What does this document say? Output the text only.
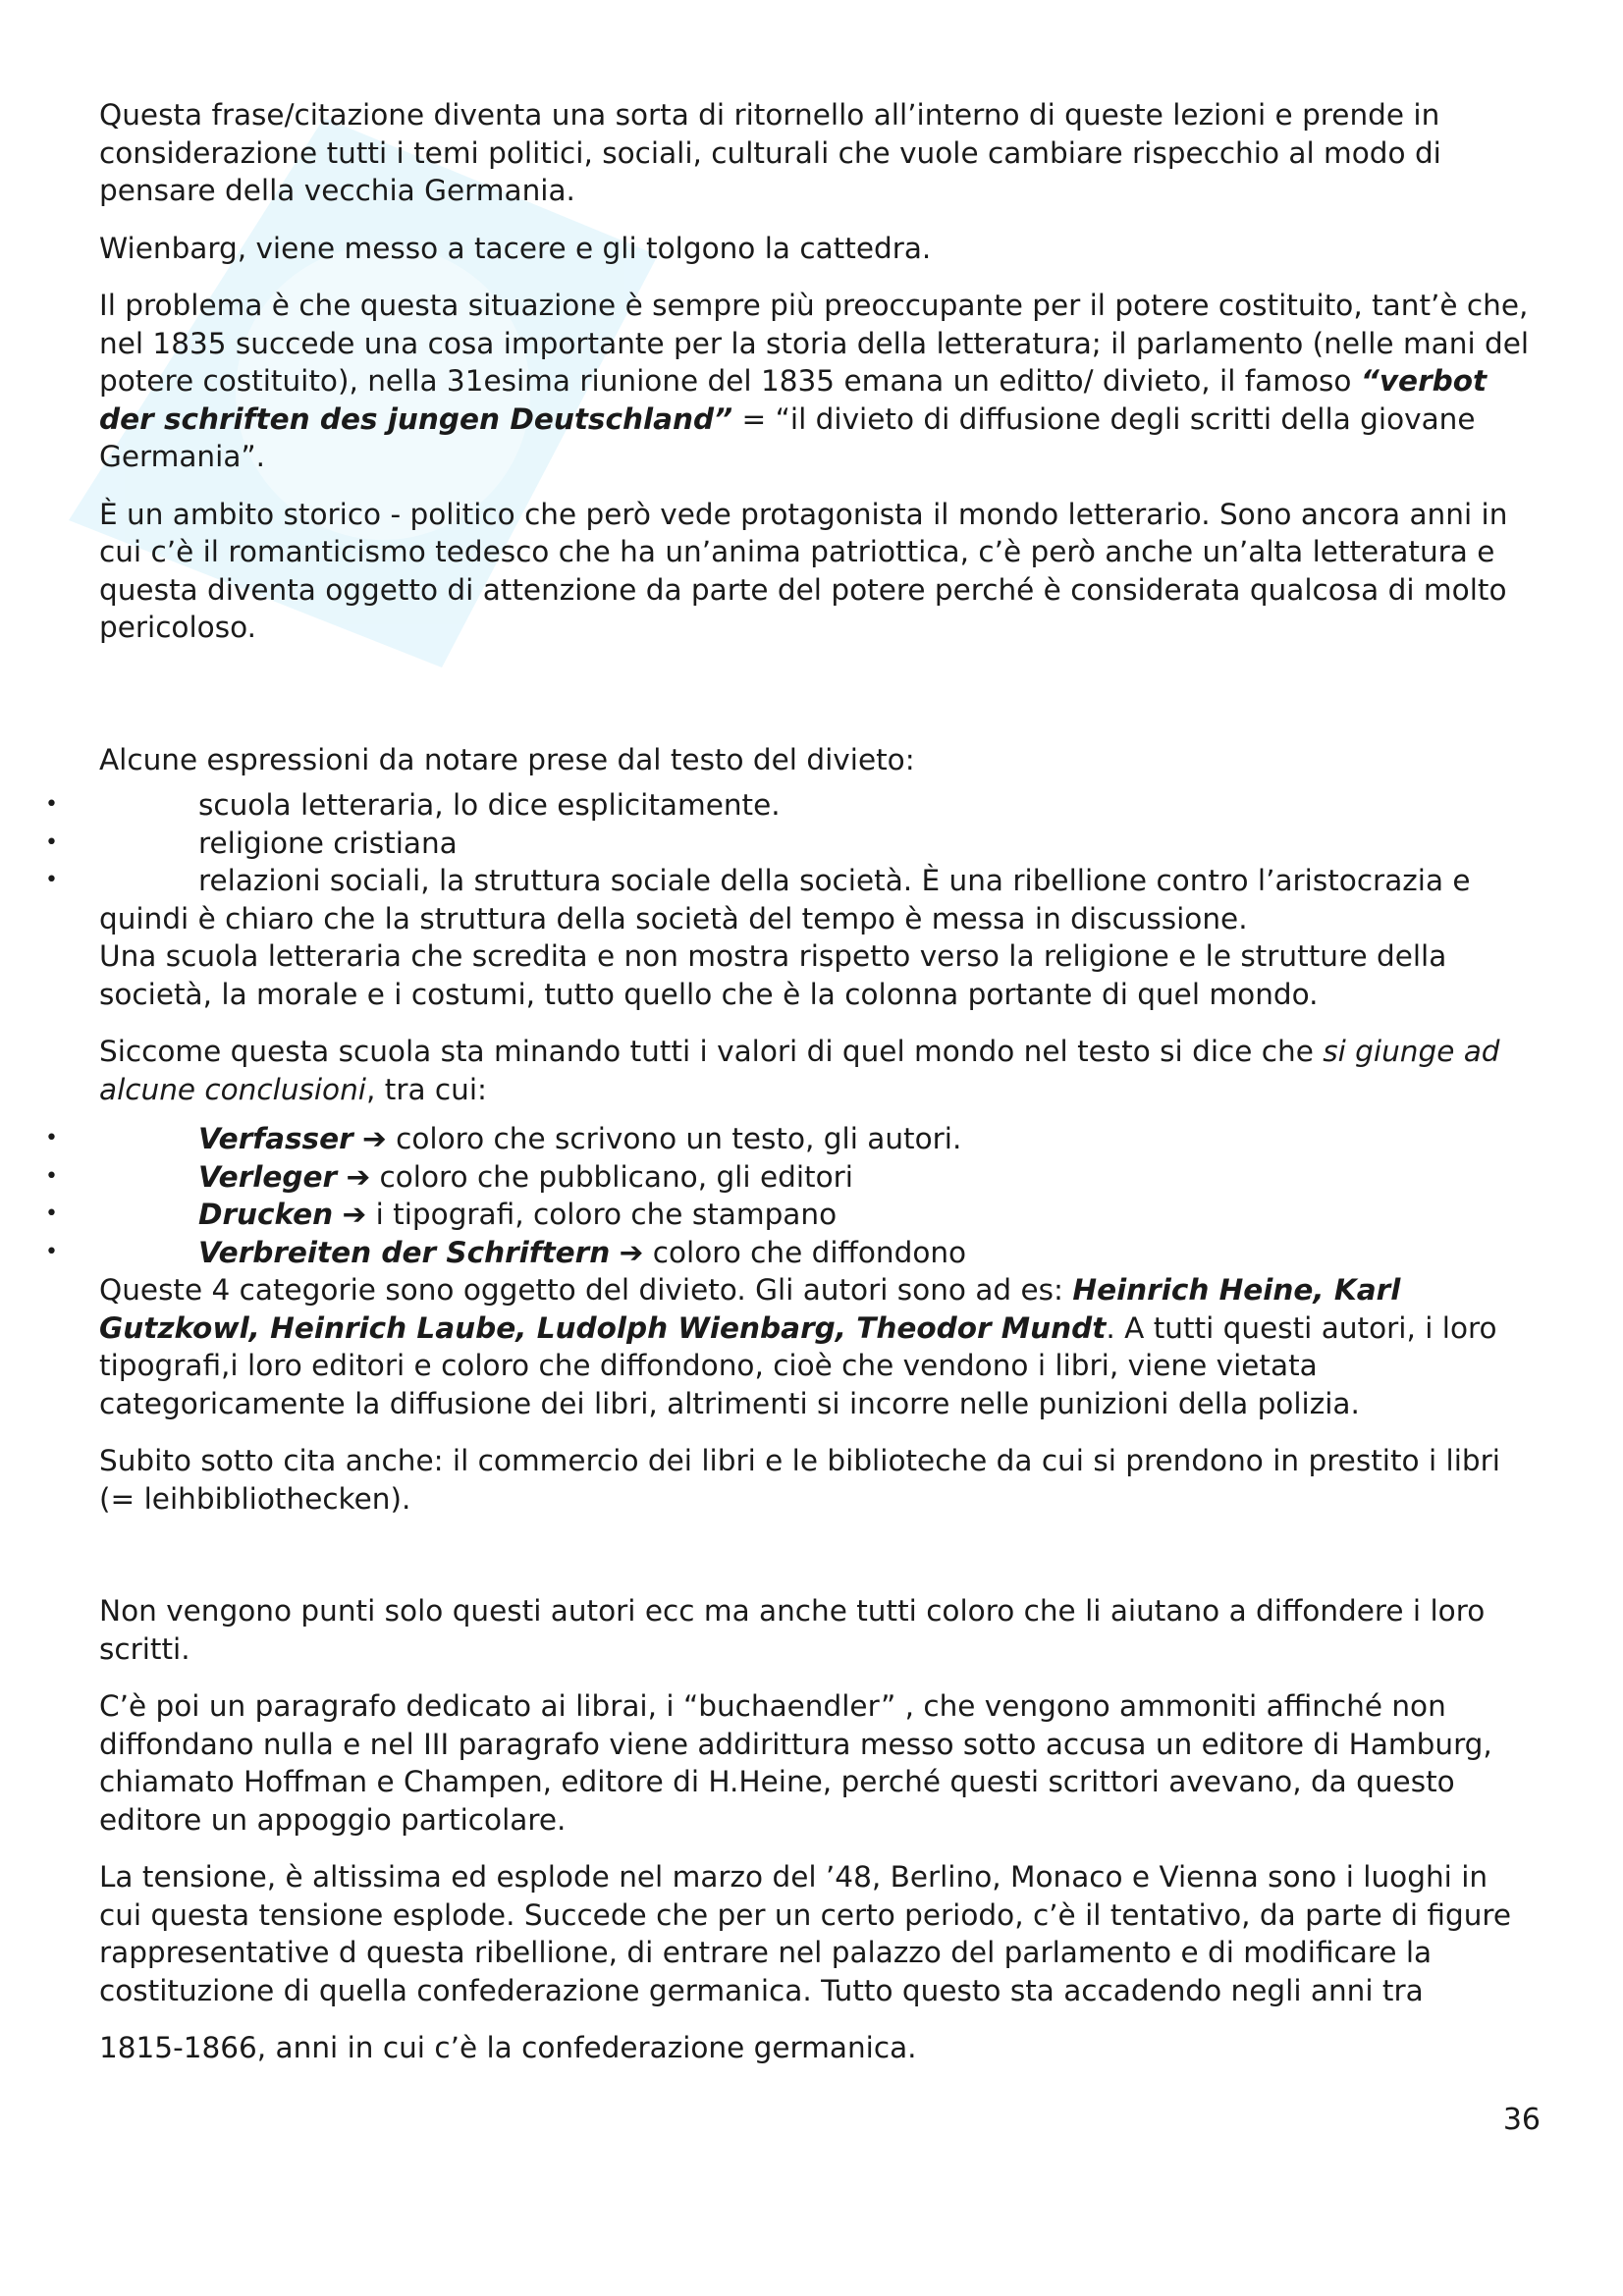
Questa frase/citazione diventa una sorta di ritornello all’interno di queste lezioni e prende in considerazione tutti i temi politici, sociali, culturali che vuole cambiare rispecchio al modo di pensare della vecchia Germania.

Wienbarg, viene messo a tacere e gli tolgono la cattedra.

Il problema è che questa situazione è sempre più preoccupante per il potere costituito, tant’è che, nel 1835 succede una cosa importante per la storia della letteratura; il parlamento (nelle mani del potere costituito), nella 31esima riunione del 1835 emana un editto/ divieto, il famoso “verbot der schriften des jungen Deutschland” = “il divieto di diffusione degli scritti della giovane Germania”.

È un ambito storico - politico che però vede protagonista il mondo letterario. Sono ancora anni in cui c’è il romanticismo tedesco che ha un’anima patriottica, c’è però anche un’alta letteratura e questa diventa oggetto di attenzione da parte del potere perché è considerata qualcosa di molto pericoloso.

Alcune espressioni da notare prese dal testo del divieto:

•	scuola letteraria, lo dice esplicitamente.
•	religione cristiana
•	relazioni sociali, la struttura sociale della società. È una ribellione contro l’aristocrazia e
quindi è chiaro che la struttura della società del tempo è messa in discussione.

Una scuola letteraria che scredita e non mostra rispetto verso la religione e le strutture della società, la morale e i costumi, tutto quello che è la colonna portante di quel mondo.

Siccome questa scuola sta minando tutti i valori di quel mondo nel testo si dice che si giunge ad alcune conclusioni, tra cui:

•	Verfasser ➔ coloro che scrivono un testo, gli autori.
•	Verleger ➔ coloro che pubblicano, gli editori
•	Drucken ➔ i tipografi, coloro che stampano
•	Verbreiten der Schriftern ➔ coloro che diffondono

Queste 4 categorie sono oggetto del divieto. Gli autori sono ad es: Heinrich Heine, Karl Gutzkowl, Heinrich Laube, Ludolph Wienbarg, Theodor Mundt. A tutti questi autori, i loro tipografi,i loro editori e coloro che diffondono, cioè che vendono i libri, viene vietata categoricamente la diffusione dei libri, altrimenti si incorre nelle punizioni della polizia.

Subito sotto cita anche: il commercio dei libri e le biblioteche da cui si prendono in prestito i libri (= leihbibliothecken).

Non vengono punti solo questi autori ecc ma anche tutti coloro che li aiutano a diffondere i loro scritti.

C’è poi un paragrafo dedicato ai librai, i “buchaendler” , che vengono ammoniti affinché non diffondano nulla e nel III paragrafo viene addirittura messo sotto accusa un editore di Hamburg, chiamato Hoffman e Champen, editore di H.Heine, perché questi scrittori avevano, da questo editore un appoggio particolare.

La tensione, è altissima ed esplode nel marzo del ’48, Berlino, Monaco e Vienna sono i luoghi in cui questa tensione esplode. Succede che per un certo periodo, c’è il tentativo, da parte di figure rappresentative d questa ribellione, di entrare nel palazzo del parlamento e di modificare la costituzione di quella confederazione germanica. Tutto questo sta accadendo negli anni tra

1815-1866, anni in cui c’è la confederazione germanica.

36
